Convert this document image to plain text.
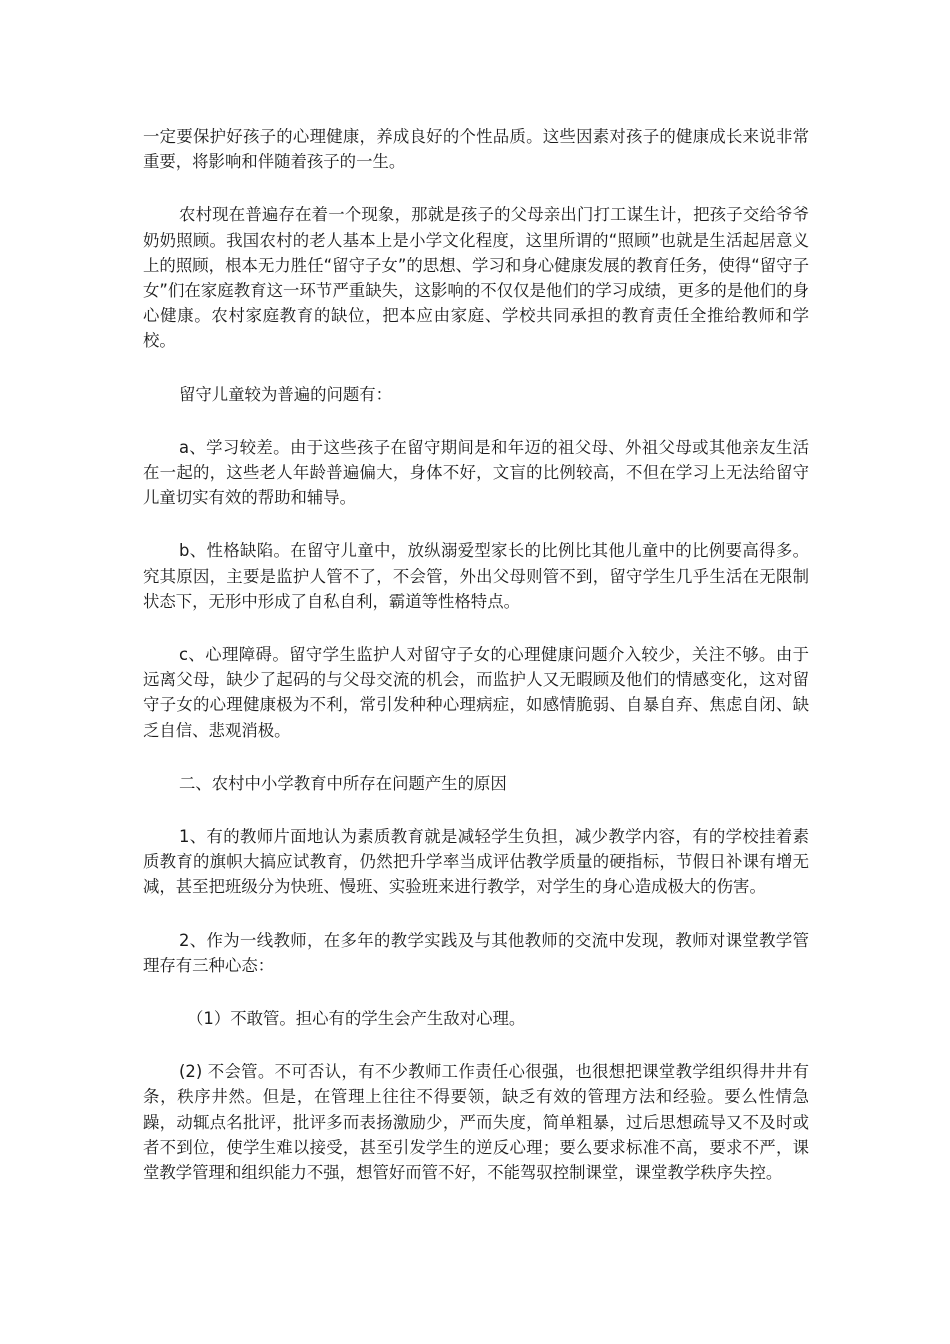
一定要保护好孩子的心理健康，养成良好的个性品质。这些因素对孩子的健康成长来说非常重要，将影响和伴随着孩子的一生。

农村现在普遍存在着一个现象，那就是孩子的父母亲出门打工谋生计，把孩子交给爷爷奶奶照顾。我国农村的老人基本上是小学文化程度，这里所谓的“照顾”也就是生活起居意义上的照顾，根本无力胜任“留守子女”的思想、学习和身心健康发展的教育任务，使得“留守子女”们在家庭教育这一环节严重缺失，这影响的不仅仅是他们的学习成绩，更多的是他们的身心健康。农村家庭教育的缺位，把本应由家庭、学校共同承担的教育责任全推给教师和学校。

留守儿童较为普遍的问题有：

a、学习较差。由于这些孩子在留守期间是和年迈的祖父母、外祖父母或其他亲友生活在一起的，这些老人年龄普遍偏大，身体不好，文盲的比例较高，不但在学习上无法给留守儿童切实有效的帮助和辅导。

b、性格缺陷。在留守儿童中，放纵溺爱型家长的比例比其他儿童中的比例要高得多。究其原因，主要是监护人管不了，不会管，外出父母则管不到，留守学生几乎生活在无限制状态下，无形中形成了自私自利，霸道等性格特点。

c、心理障碍。留守学生监护人对留守子女的心理健康问题介入较少，关注不够。由于远离父母，缺少了起码的与父母交流的机会，而监护人又无暇顾及他们的情感变化，这对留守子女的心理健康极为不利，常引发种种心理病症，如感情脆弱、自暴自弃、焦虑自闭、缺乏自信、悲观消极。

二、农村中小学教育中所存在问题产生的原因

1、有的教师片面地认为素质教育就是减轻学生负担，减少教学内容，有的学校挂着素质教育的旗帜大搞应试教育，仍然把升学率当成评估教学质量的硬指标，节假日补课有增无减，甚至把班级分为快班、慢班、实验班来进行教学，对学生的身心造成极大的伤害。

2、作为一线教师，在多年的教学实践及与其他教师的交流中发现，教师对课堂教学管理存有三种心态：

（1）不敢管。担心有的学生会产生敌对心理。

(2) 不会管。不可否认，有不少教师工作责任心很强，也很想把课堂教学组织得井井有条，秩序井然。但是，在管理上往往不得要领，缺乏有效的管理方法和经验。要么性情急躁，动辄点名批评，批评多而表扬激励少，严而失度，简单粗暴，过后思想疏导又不及时或者不到位，使学生难以接受，甚至引发学生的逆反心理；要么要求标准不高，要求不严，课堂教学管理和组织能力不强，想管好而管不好，不能驾驭控制课堂，课堂教学秩序失控。
